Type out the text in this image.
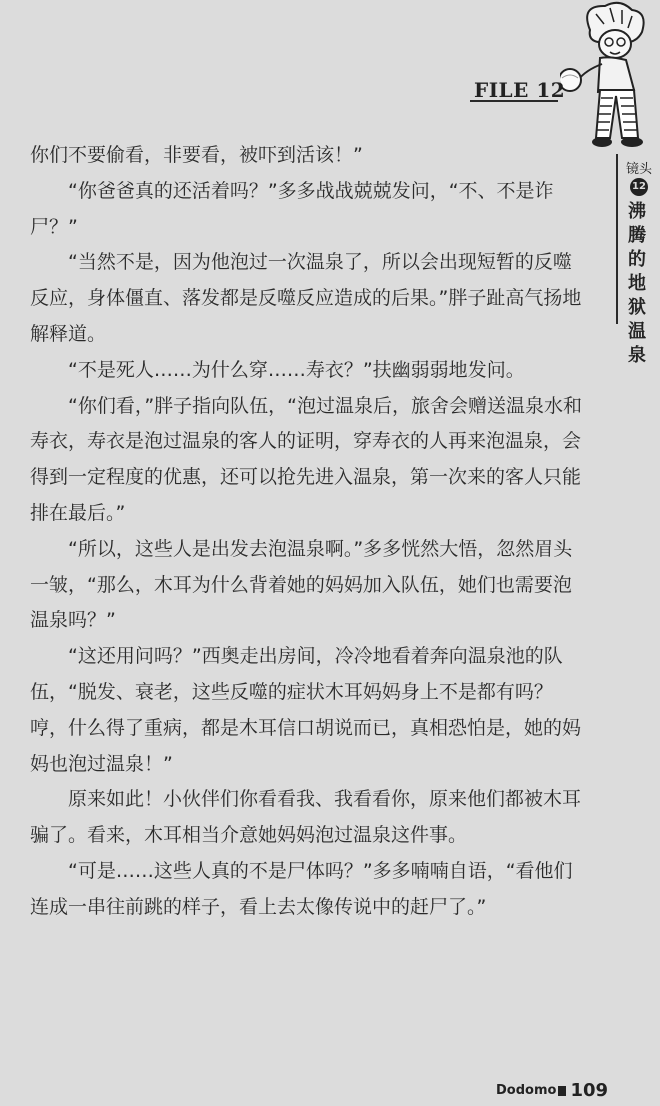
FILE 12
镜头
12
沸腾的地狱温泉

你们不要偷看，非要看，被吓到活该！”

“你爸爸真的还活着吗？”多多战战兢兢发问，“不、不是诈尸？”

“当然不是，因为他泡过一次温泉了，所以会出现短暂的反噬反应，身体僵直、落发都是反噬反应造成的后果。”胖子趾高气扬地解释道。

“不是死人……为什么穿……寿衣？”扶幽弱弱地发问。

“你们看，”胖子指向队伍，“泡过温泉后，旅舍会赠送温泉水和寿衣，寿衣是泡过温泉的客人的证明，穿寿衣的人再来泡温泉，会得到一定程度的优惠，还可以抢先进入温泉，第一次来的客人只能排在最后。”

“所以，这些人是出发去泡温泉啊。”多多恍然大悟，忽然眉头一皱，“那么，木耳为什么背着她的妈妈加入队伍，她们也需要泡温泉吗？”

“这还用问吗？”西奥走出房间，冷冷地看着奔向温泉池的队伍，“脱发、衰老，这些反噬的症状木耳妈妈身上不是都有吗？哼，什么得了重病，都是木耳信口胡说而已，真相恐怕是，她的妈妈也泡过温泉！”

原来如此！小伙伴们你看看我、我看看你，原来他们都被木耳骗了。看来，木耳相当介意她妈妈泡过温泉这件事。

“可是……这些人真的不是尸体吗？”多多喃喃自语，“看他们连成一串往前跳的样子，看上去太像传说中的赶尸了。”

Dodomo 109
